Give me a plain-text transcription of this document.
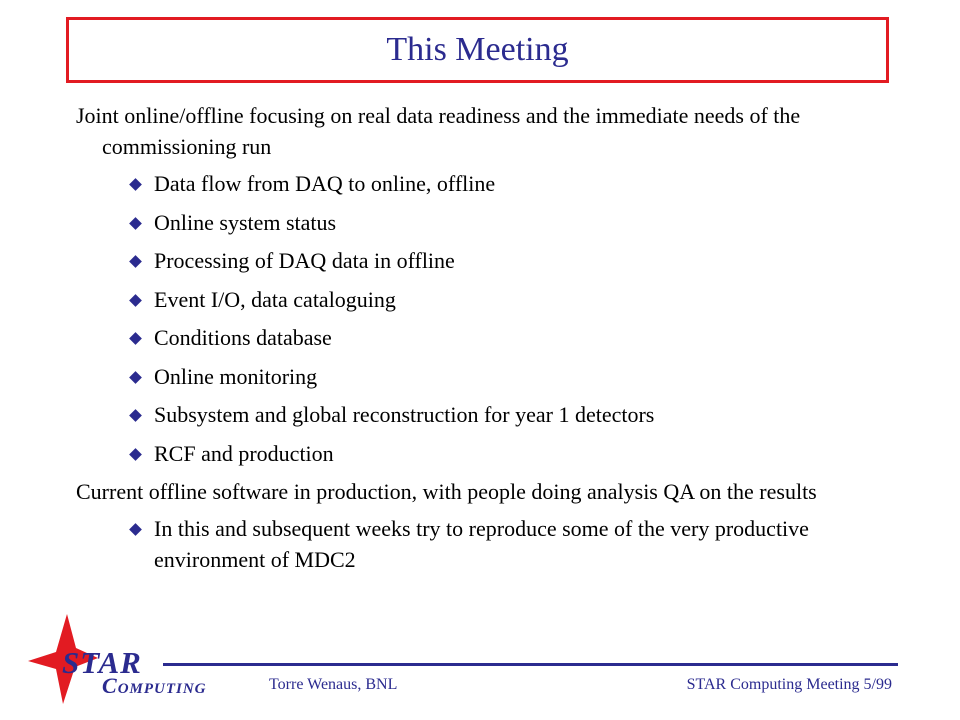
This Meeting

Joint online/offline focusing on real data readiness and the immediate needs of the commissioning run

Data flow from DAQ to online, offline
Online system status
Processing of DAQ data in offline
Event I/O, data cataloguing
Conditions database
Online monitoring
Subsystem and global reconstruction for year 1 detectors
RCF and production

Current offline software in production, with people doing analysis QA on the results

In this and subsequent weeks try to reproduce some of the very productive environment of MDC2
STAR
COMPUTING	Torre Wenaus, BNL	STAR Computing Meeting 5/99
